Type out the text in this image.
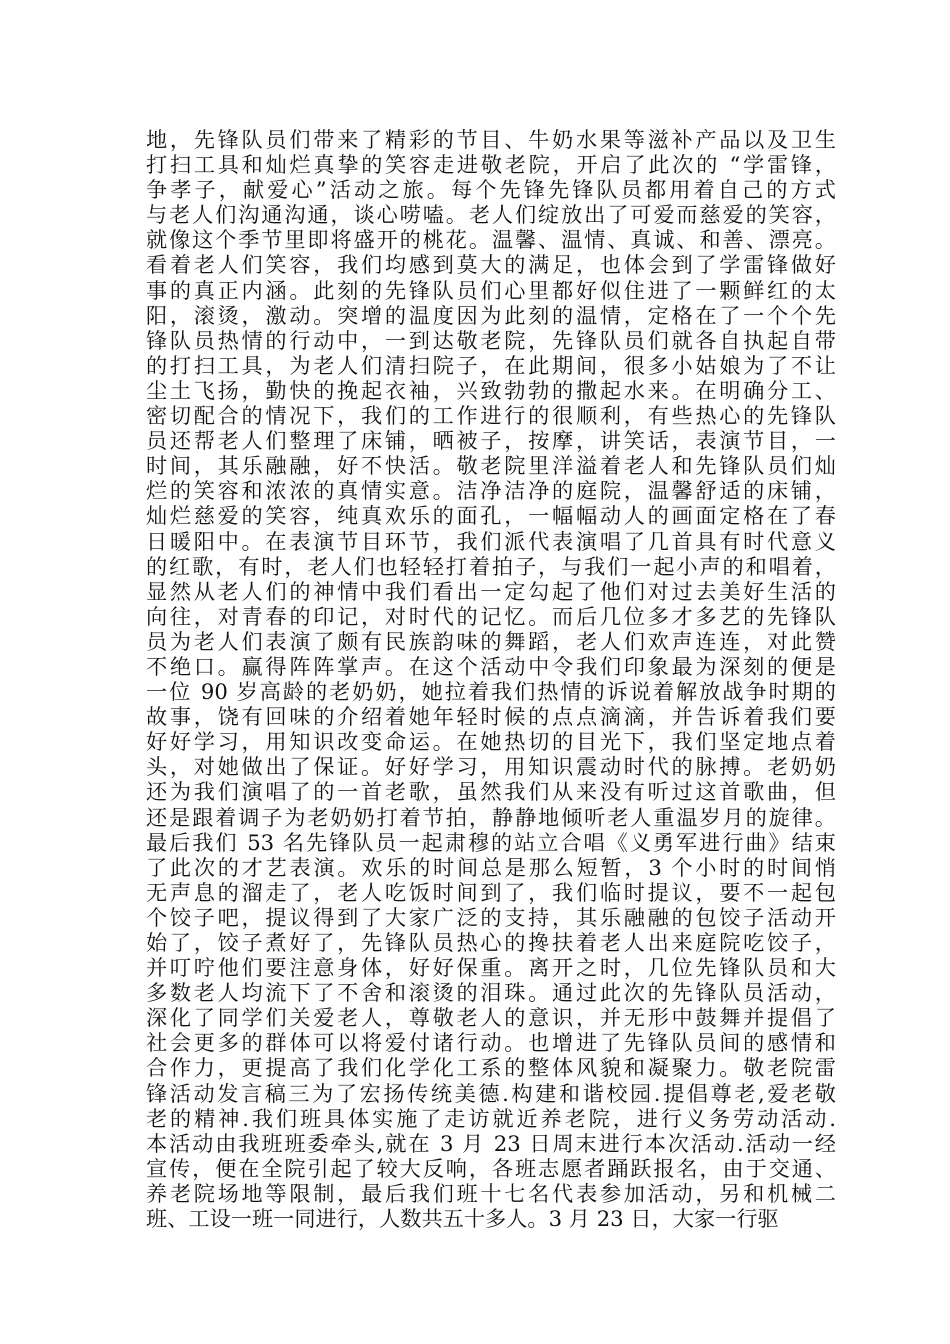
地，先锋队员们带来了精彩的节目、牛奶水果等滋补产品以及卫生
打扫工具和灿烂真挚的笑容走进敬老院，开启了此次的 “学雷锋，
争孝子，献爱心”活动之旅。每个先锋先锋队员都用着自己的方式
与老人们沟通沟通，谈心唠嗑。老人们绽放出了可爱而慈爱的笑容，
就像这个季节里即将盛开的桃花。温馨、温情、真诚、和善、漂亮。
看着老人们笑容，我们均感到莫大的满足，也体会到了学雷锋做好
事的真正内涵。此刻的先锋队员们心里都好似住进了一颗鲜红的太
阳，滚烫，激动。突增的温度因为此刻的温情，定格在了一个个先
锋队员热情的行动中，一到达敬老院，先锋队员们就各自执起自带
的打扫工具，为老人们清扫院子，在此期间，很多小姑娘为了不让
尘土飞扬，勤快的挽起衣袖，兴致勃勃的撒起水来。在明确分工、
密切配合的情况下，我们的工作进行的很顺利，有些热心的先锋队
员还帮老人们整理了床铺，晒被子，按摩，讲笑话，表演节目，一
时间，其乐融融，好不快活。敬老院里洋溢着老人和先锋队员们灿
烂的笑容和浓浓的真情实意。洁净洁净的庭院，温馨舒适的床铺，
灿烂慈爱的笑容，纯真欢乐的面孔，一幅幅动人的画面定格在了春
日暖阳中。在表演节目环节，我们派代表演唱了几首具有时代意义
的红歌，有时，老人们也轻轻打着拍子，与我们一起小声的和唱着，
显然从老人们的神情中我们看出一定勾起了他们对过去美好生活的
向往，对青春的印记，对时代的记忆。而后几位多才多艺的先锋队
员为老人们表演了颇有民族韵味的舞蹈，老人们欢声连连，对此赞
不绝口。赢得阵阵掌声。在这个活动中令我们印象最为深刻的便是
一位 90 岁高龄的老奶奶，她拉着我们热情的诉说着解放战争时期的
故事，饶有回味的介绍着她年轻时候的点点滴滴，并告诉着我们要
好好学习，用知识改变命运。在她热切的目光下，我们坚定地点着
头，对她做出了保证。好好学习，用知识震动时代的脉搏。老奶奶
还为我们演唱了的一首老歌，虽然我们从来没有听过这首歌曲，但
还是跟着调子为老奶奶打着节拍，静静地倾听老人重温岁月的旋律。
最后我们 53 名先锋队员一起肃穆的站立合唱《义勇军进行曲》结束
了此次的才艺表演。欢乐的时间总是那么短暂，3 个小时的时间悄
无声息的溜走了，老人吃饭时间到了，我们临时提议，要不一起包
个饺子吧，提议得到了大家广泛的支持，其乐融融的包饺子活动开
始了，饺子煮好了，先锋队员热心的搀扶着老人出来庭院吃饺子，
并叮咛他们要注意身体，好好保重。离开之时，几位先锋队员和大
多数老人均流下了不舍和滚烫的泪珠。通过此次的先锋队员活动，
深化了同学们关爱老人，尊敬老人的意识，并无形中鼓舞并提倡了
社会更多的群体可以将爱付诸行动。也增进了先锋队员间的感情和
合作力，更提高了我们化学化工系的整体风貌和凝聚力。敬老院雷
锋活动发言稿三为了宏扬传统美德.构建和谐校园.提倡尊老,爱老敬
老的精神.我们班具体实施了走访就近养老院，进行义务劳动活动.
本活动由我班班委牵头,就在 3 月 23 日周末进行本次活动.活动一经
宣传，便在全院引起了较大反响，各班志愿者踊跃报名，由于交通、
养老院场地等限制，最后我们班十七名代表参加活动，另和机械二
班、工设一班一同进行，人数共五十多人。3 月 23 日，大家一行驱
